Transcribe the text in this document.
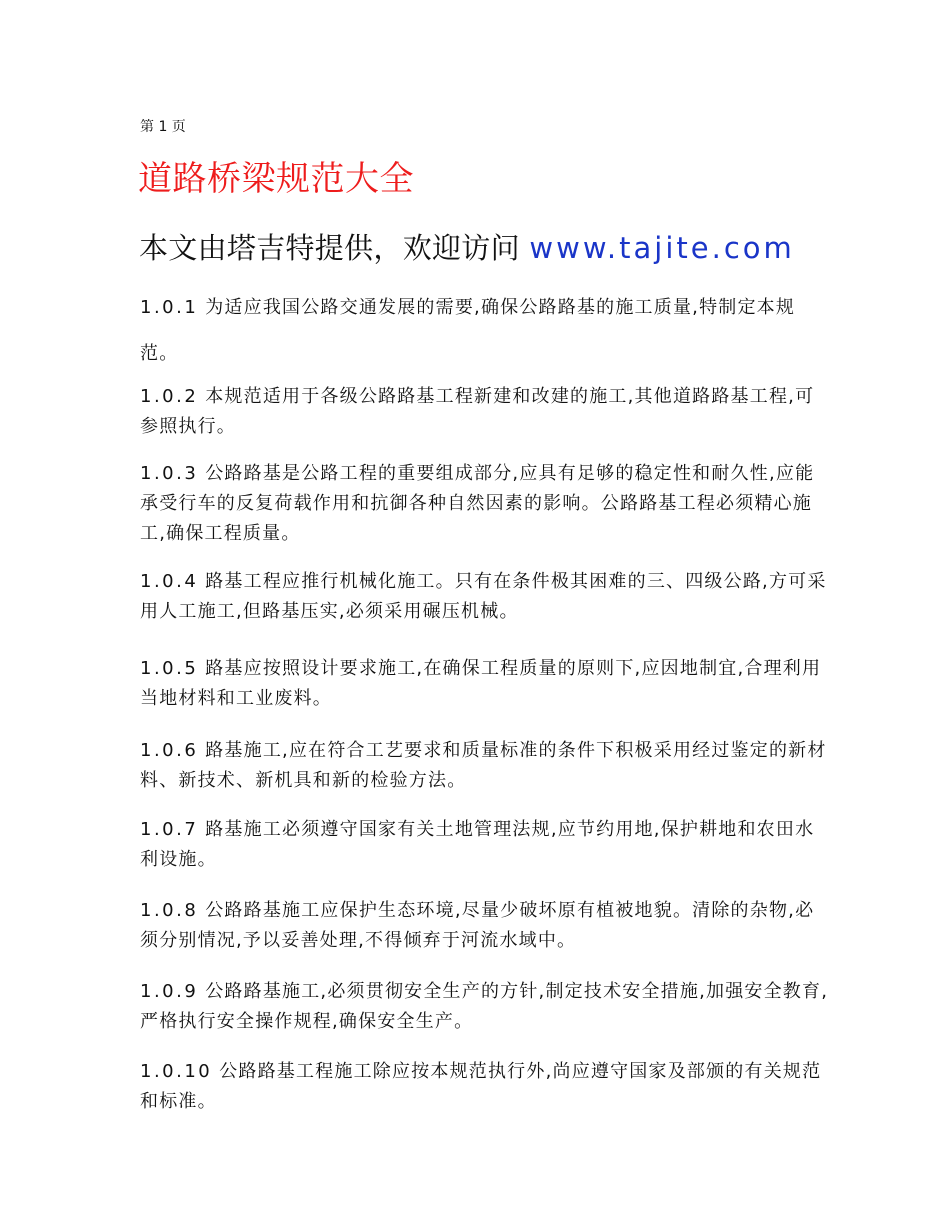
第 1 页
道路桥梁规范大全
本文由塔吉特提供，欢迎访问 www.tajite.com

1.0.1 为适应我国公路交通发展的需要,确保公路路基的施工质量,特制定本规范。

1.0.2 本规范适用于各级公路路基工程新建和改建的施工,其他道路路基工程,可参照执行。

1.0.3 公路路基是公路工程的重要组成部分,应具有足够的稳定性和耐久性,应能承受行车的反复荷载作用和抗御各种自然因素的影响。公路路基工程必须精心施工,确保工程质量。

1.0.4 路基工程应推行机械化施工。只有在条件极其困难的三、四级公路,方可采用人工施工,但路基压实,必须采用碾压机械。

1.0.5 路基应按照设计要求施工,在确保工程质量的原则下,应因地制宜,合理利用当地材料和工业废料。

1.0.6 路基施工,应在符合工艺要求和质量标准的条件下积极采用经过鉴定的新材料、新技术、新机具和新的检验方法。

1.0.7 路基施工必须遵守国家有关土地管理法规,应节约用地,保护耕地和农田水利设施。

1.0.8 公路路基施工应保护生态环境,尽量少破坏原有植被地貌。清除的杂物,必须分别情况,予以妥善处理,不得倾弃于河流水域中。

1.0.9 公路路基施工,必须贯彻安全生产的方针,制定技术安全措施,加强安全教育,严格执行安全操作规程,确保安全生产。

1.0.10 公路路基工程施工除应按本规范执行外,尚应遵守国家及部颁的有关规范和标准。
